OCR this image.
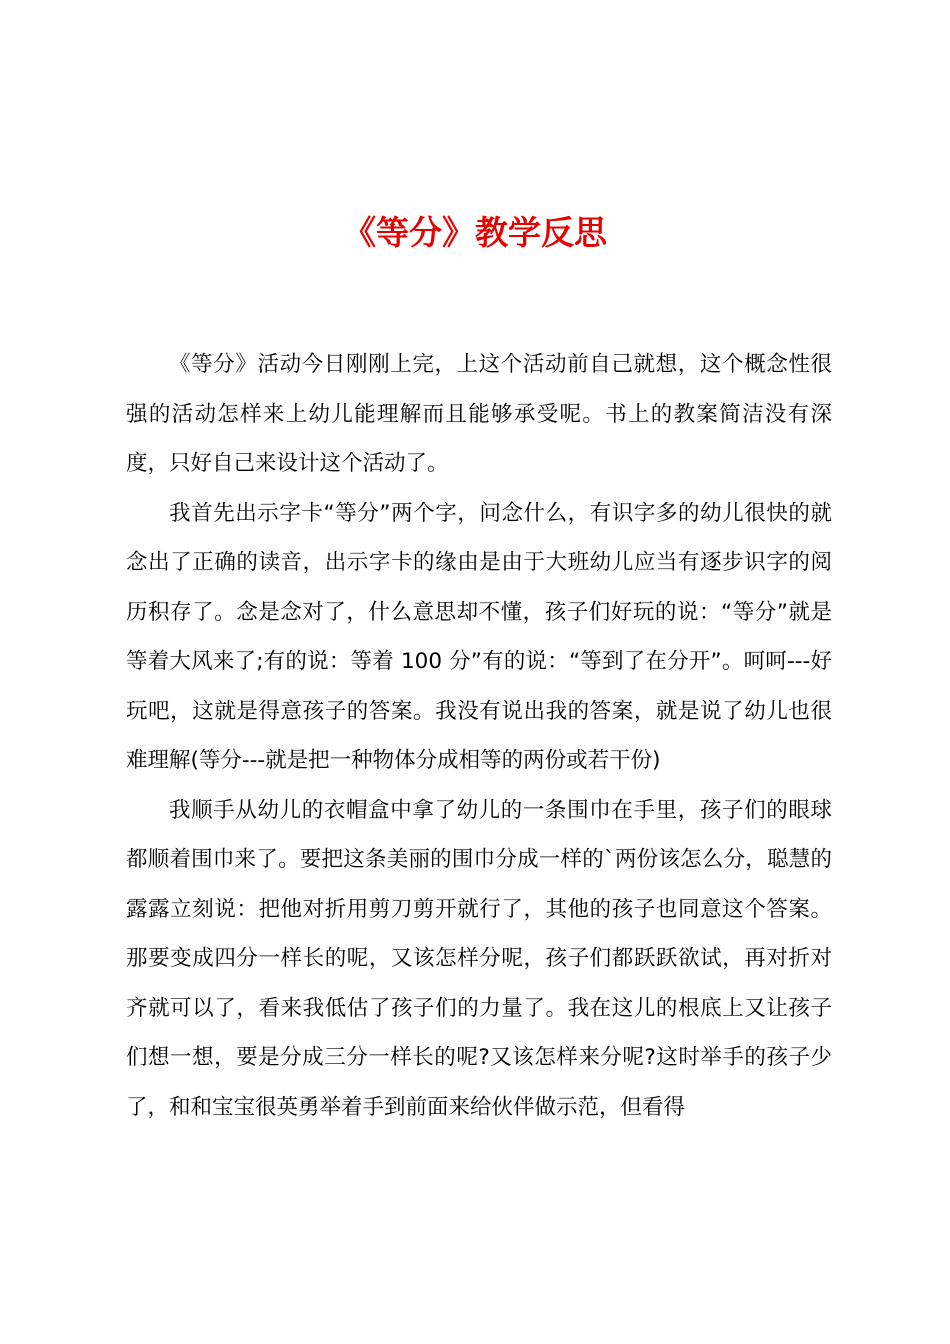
《等分》教学反思

《等分》活动今日刚刚上完，上这个活动前自己就想，这个概念性很强的活动怎样来上幼儿能理解而且能够承受呢。书上的教案简洁没有深度，只好自己来设计这个活动了。

我首先出示字卡“等分”两个字，问念什么，有识字多的幼儿很快的就念出了正确的读音，出示字卡的缘由是由于大班幼儿应当有逐步识字的阅历积存了。念是念对了，什么意思却不懂，孩子们好玩的说：“等分”就是等着大风来了;有的说：等着 100 分”有的说：“等到了在分开”。呵呵---好玩吧，这就是得意孩子的答案。我没有说出我的答案，就是说了幼儿也很难理解(等分---就是把一种物体分成相等的两份或若干份)

我顺手从幼儿的衣帽盒中拿了幼儿的一条围巾在手里，孩子们的眼球都顺着围巾来了。要把这条美丽的围巾分成一样的`两份该怎么分，聪慧的露露立刻说：把他对折用剪刀剪开就行了，其他的孩子也同意这个答案。那要变成四分一样长的呢，又该怎样分呢，孩子们都跃跃欲试，再对折对齐就可以了，看来我低估了孩子们的力量了。我在这儿的根底上又让孩子们想一想，要是分成三分一样长的呢?又该怎样来分呢?这时举手的孩子少了，和和宝宝很英勇举着手到前面来给伙伴做示范，但看得
